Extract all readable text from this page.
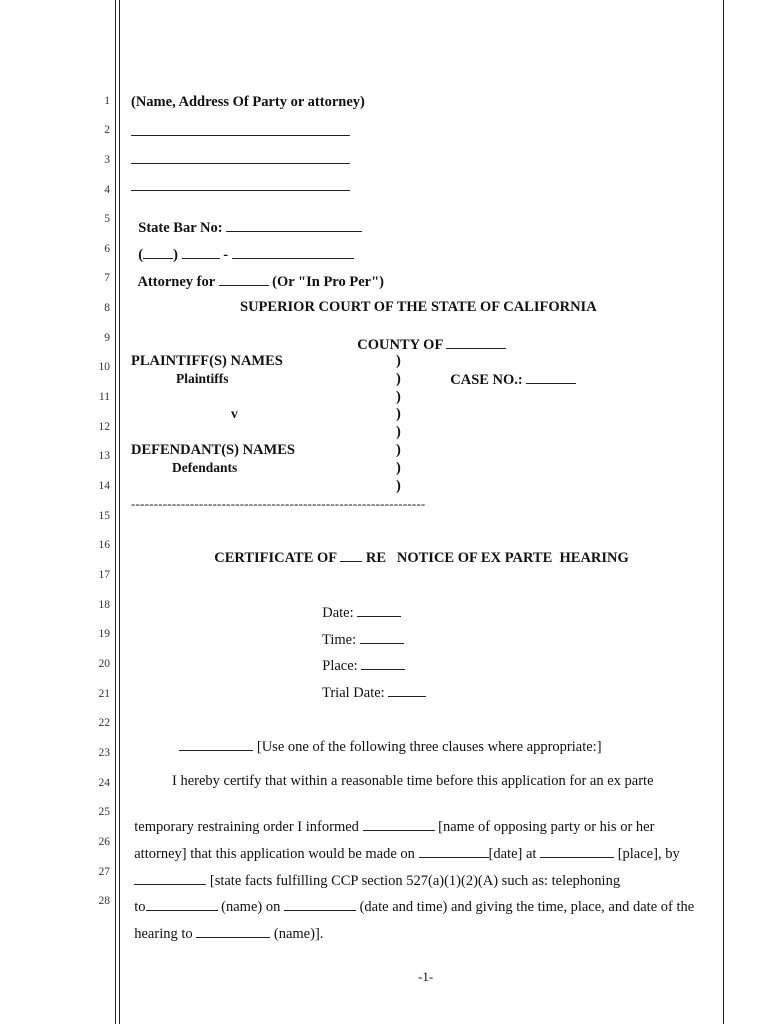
1
2
3
4
5
6
7
8
9
10
11
12
13
14
15
16
17
18
19
20
21
22
23
24
25
26
27
28
(Name, Address Of Party or attorney)

State Bar No:

( )	-

Attorney for	(Or "In Pro Per")

SUPERIOR COURT OF THE STATE OF CALIFORNIA

COUNTY OF

PLAINTIFF(S) NAMES
Plaintiffs
v
DEFENDANT(S) NAMES
Defendants
)
)
)
)
)
)
)
)

CASE NO.:

-----------------------------------------------------------------

CERTIFICATE OF RE   NOTICE OF EX PARTE  HEARING

Date:

Time:

Place:

Trial Date:

[Use one of the following three clauses where appropriate:]

I hereby certify that within a reasonable time before this application for an ex parte

temporary restraining order I informed	[name of opposing party or his or her

attorney] that this application would be made on	[date] at	[place], by

[state facts fulfilling CCP section 527(a)(1)(2)(A) such as: telephoning

to	(name) on	(date and time) and giving the time, place, and date of the

hearing to	(name)].

-1-
